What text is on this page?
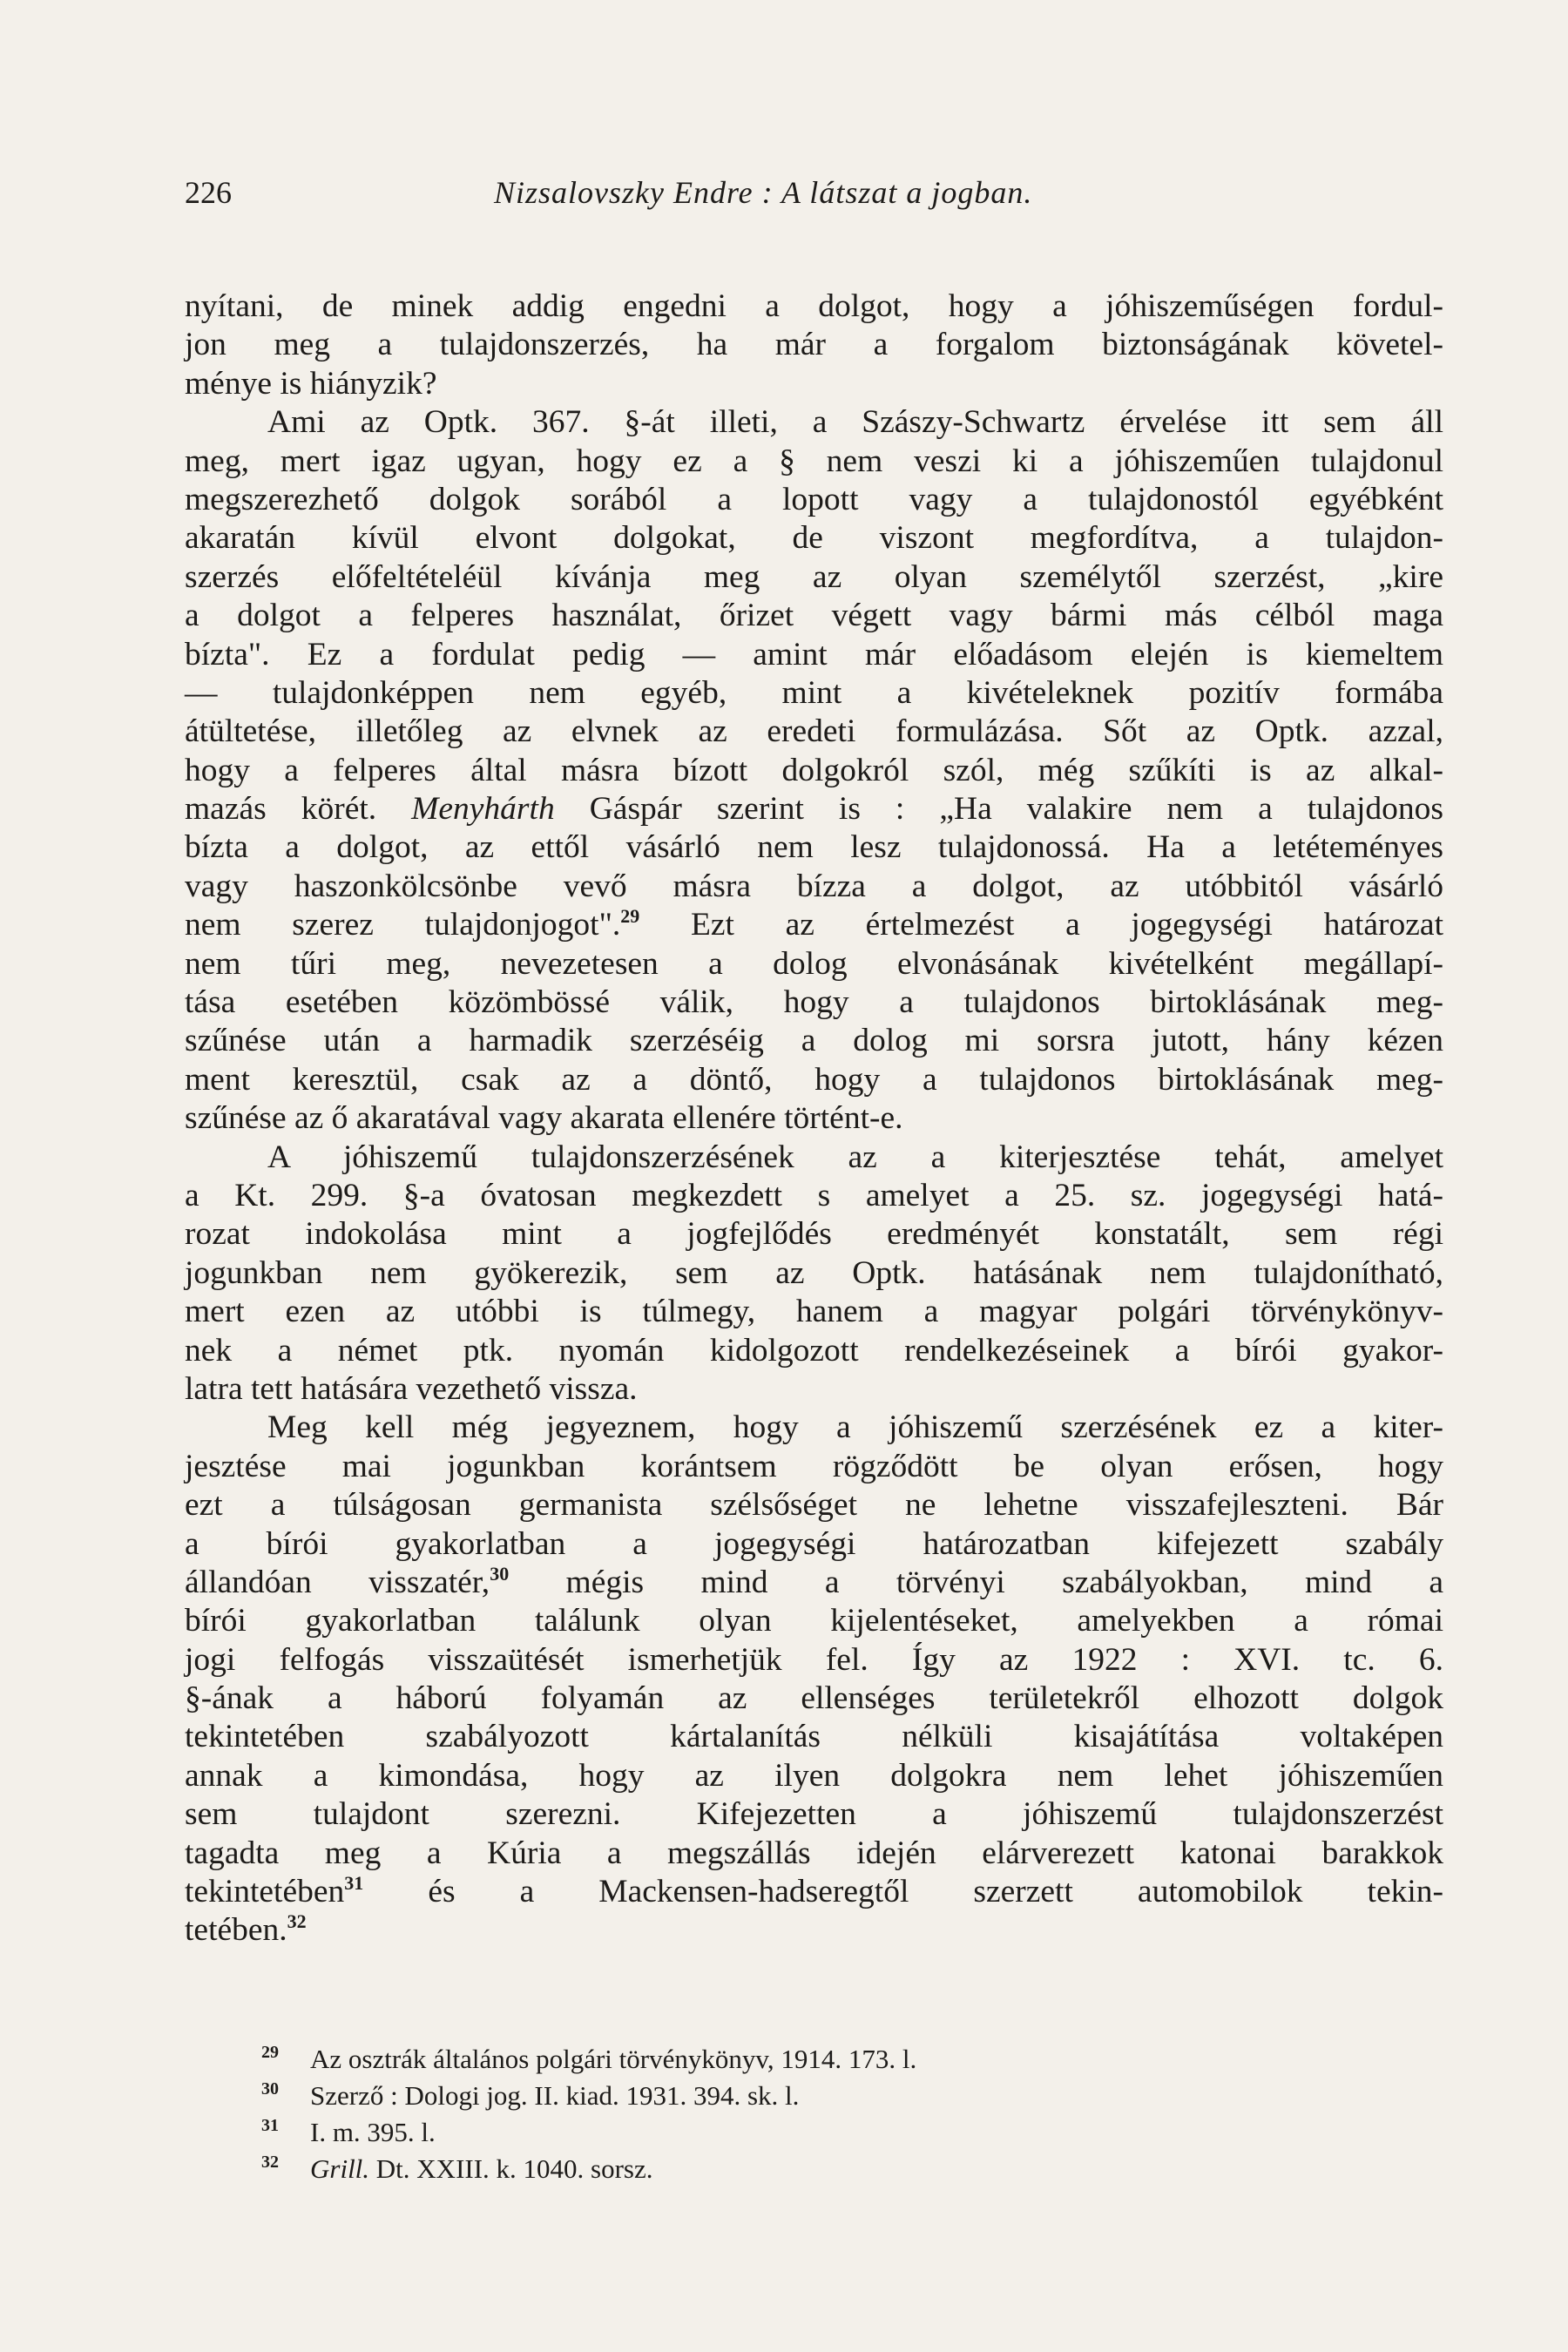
226	Nizsalovszky Endre : A látszat a jogban.
nyítani, de minek addig engedni a dolgot, hogy a jóhiszeműségen fordul-
jon meg a tulajdonszerzés, ha már a forgalom biztonságának követel-
ménye is hiányzik?
Ami az Optk. 367. §-át illeti, a Szászy-Schwartz érvelése itt sem áll
meg, mert igaz ugyan, hogy ez a § nem veszi ki a jóhiszeműen tulajdonul
megszerezhető dolgok sorából a lopott vagy a tulajdonostól egyébként
akaratán kívül elvont dolgokat, de viszont megfordítva, a tulajdon-
szerzés előfeltételéül kívánja meg az olyan személytől szerzést, „kire
a dolgot a felperes használat, őrizet végett vagy bármi más célból maga
bízta". Ez a fordulat pedig — amint már előadásom elején is kiemeltem
— tulajdonképpen nem egyéb, mint a kivételeknek pozitív formába
átültetése, illetőleg az elvnek az eredeti formulázása. Sőt az Optk. azzal,
hogy a felperes által másra bízott dolgokról szól, még szűkíti is az alkal-
mazás körét. Menyhárth Gáspár szerint is : „Ha valakire nem a tulajdonos
bízta a dolgot, az ettől vásárló nem lesz tulajdonossá. Ha a letéteményes
vagy haszonkölcsönbe vevő másra bízza a dolgot, az utóbbitól vásárló
nem szerez tulajdonjogot".$^{29}$ Ezt az értelmezést a jogegységi határozat
nem tűri meg, nevezetesen a dolog elvonásának kivételként megállapí-
tása esetében közömbössé válik, hogy a tulajdonos birtoklásának meg-
szűnése után a harmadik szerzéséig a dolog mi sorsra jutott, hány kézen
ment keresztül, csak az a döntő, hogy a tulajdonos birtoklásának meg-
szűnése az ő akaratával vagy akarata ellenére történt-e.
A jóhiszemű tulajdonszerzésének az a kiterjesztése tehát, amelyet
a Kt. 299. §-a óvatosan megkezdett s amelyet a 25. sz. jogegységi hatá-
rozat indokolása mint a jogfejlődés eredményét konstatált, sem régi
jogunkban nem gyökerezik, sem az Optk. hatásának nem tulajdonítható,
mert ezen az utóbbi is túlmegy, hanem a magyar polgári törvénykönyv-
nek a német ptk. nyomán kidolgozott rendelkezéseinek a bírói gyakor-
latra tett hatására vezethető vissza.
Meg kell még jegyeznem, hogy a jóhiszemű szerzésének ez a kiter-
jesztése mai jogunkban korántsem rögződött be olyan erősen, hogy
ezt a túlságosan germanista szélsőséget ne lehetne visszafejleszteni. Bár
a bírói gyakorlatban a jogegységi határozatban kifejezett szabály
állandóan visszatér,$^{30}$ mégis mind a törvényi szabályokban, mind a
bírói gyakorlatban találunk olyan kijelentéseket, amelyekben a római
jogi felfogás visszaütését ismerhetjük fel. Így az 1922 : XVI. tc. 6.
§-ának a háború folyamán az ellenséges területekről elhozott dolgok
tekintetében szabályozott kártalanítás nélküli kisajátítása voltaképen
annak a kimondása, hogy az ilyen dolgokra nem lehet jóhiszeműen
sem tulajdont szerezni. Kifejezetten a jóhiszemű tulajdonszerzést
tagadta meg a Kúria a megszállás idején elárverezett katonai barakkok
tekintetében$^{31}$ és a Mackensen-hadseregtől szerzett automobilok tekin-
tetében.$^{32}$
29 Az osztrák általános polgári törvénykönyv, 1914. 173. l.
30 Szerző : Dologi jog. II. kiad. 1931. 394. sk. l.
31 I. m. 395. l.
32 Grill. Dt. XXIII. k. 1040. sorsz.
